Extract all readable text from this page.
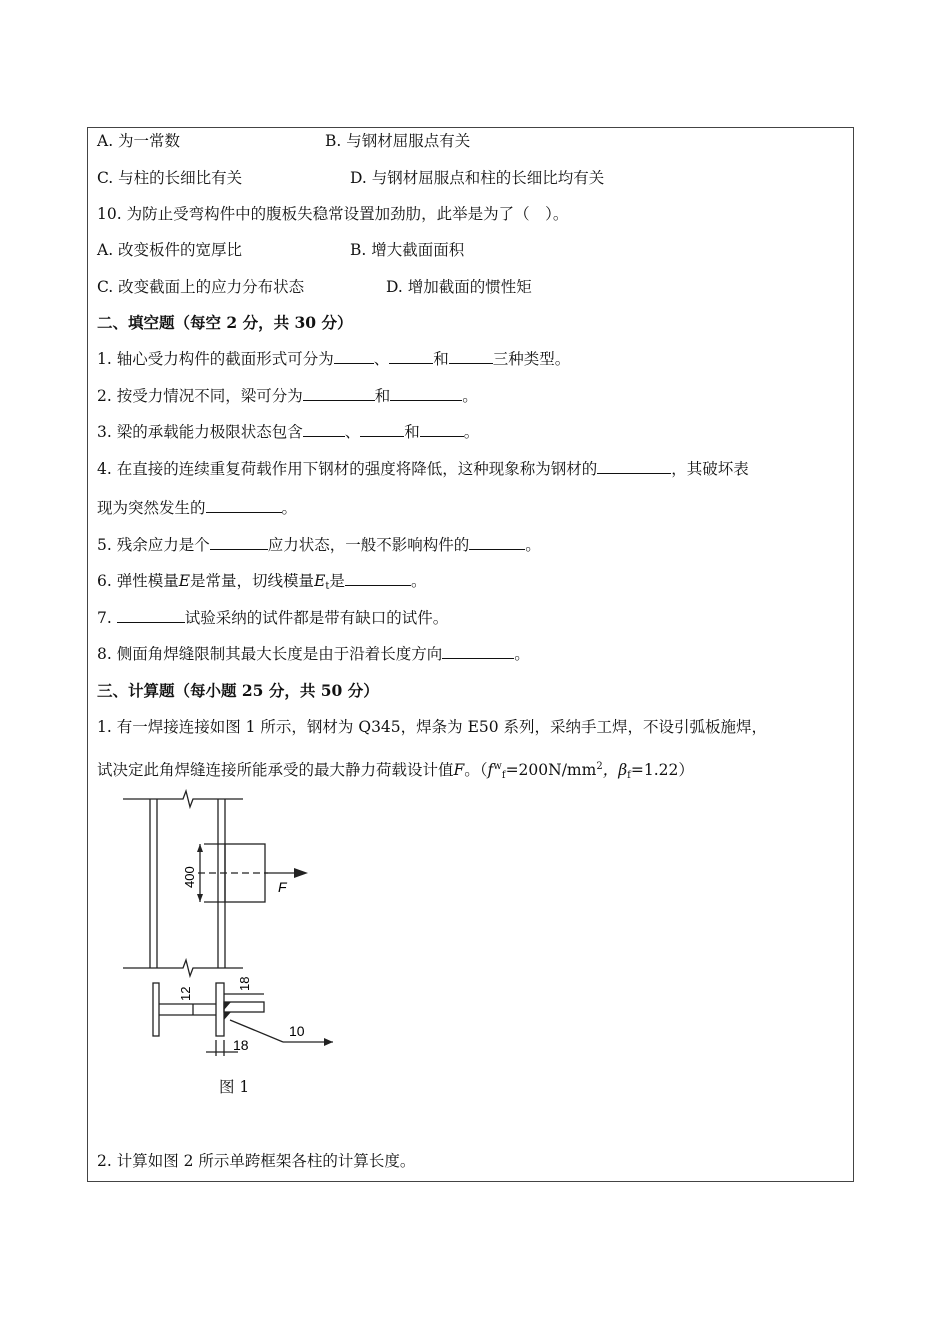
A. 为一常数	B. 与钢材屈服点有关
C. 与柱的长细比有关	D. 与钢材屈服点和柱的长细比均有关
10. 为防止受弯构件中的腹板失稳常设置加劲肋，此举是为了（　）。
A. 改变板件的宽厚比	B. 增大截面面积
C. 改变截面上的应力分布状态	D. 增加截面的惯性矩
二、填空题（每空 2 分，共 30 分）
1. 轴心受力构件的截面形式可分为	、	和	三种类型。
2. 按受力情况不同，梁可分为	和	。
3. 梁的承载能力极限状态包含	、	和	。
4. 在直接的连续重复荷载作用下钢材的强度将降低，这种现象称为钢材的	，其破坏表
现为突然发生的	。
5. 残余应力是个	应力状态，一般不影响构件的	。
6. 弹性模量E是常量，切线模量$E_t$是	。
7.	试验采纳的试件都是带有缺口的试件。
8. 侧面角焊缝限制其最大长度是由于沿着长度方向	。
三、计算题（每小题 25 分，共 50 分）
1. 有一焊接连接如图 1 所示，钢材为 Q345，焊条为 E50 系列，采纳手工焊，不设引弧板施焊，
试决定此角焊缝连接所能承受的最大静力荷载设计值F。（$f^w_f=200N/mm^2$，$\beta_f=1.22$）
400	F
12
18
10
18
图 1
2. 计算如图 2 所示单跨框架各柱的计算长度。
